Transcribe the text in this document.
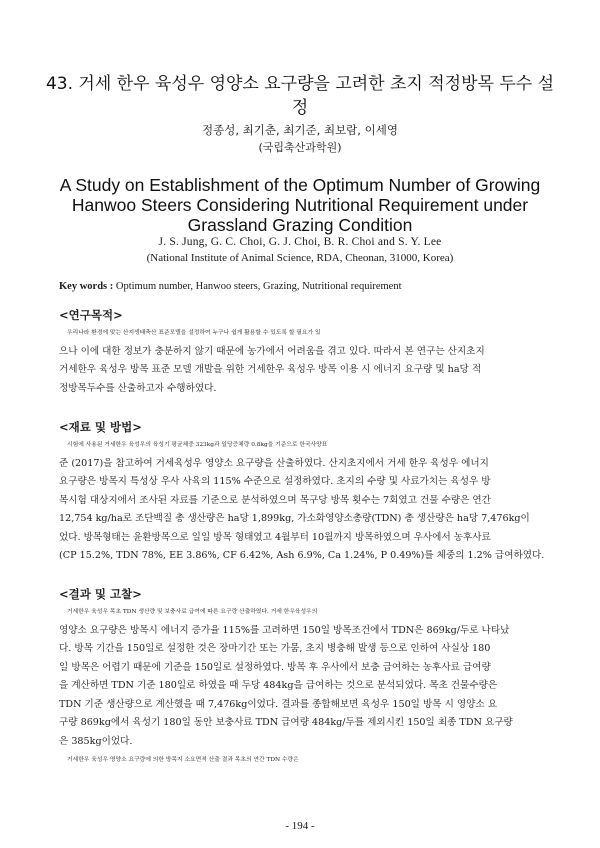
43. 거세 한우 육성우 영양소 요구량을 고려한 초지 적정방목 두수 설정
정종성, 최기춘, 최기준, 최보람, 이세영
(국립축산과학원)
A Study on Establishment of the Optimum Number of Growing Hanwoo Steers Considering Nutritional Requirement under Grassland Grazing Condition
J. S. Jung, G. C. Choi, G. J. Choi, B. R. Choi and S. Y. Lee
(National Institute of Animal Science, RDA, Cheonan, 31000, Korea)
Key words : Optimum number, Hanwoo steers, Grazing, Nutritional requirement
<연구목적>
우리나라 환경에 맞는 산지생태축산 표준모델을 설정하여 누구나 쉽게 활용할 수 있도록 할 필요가 있
으나 이에 대한 정보가 충분하지 않기 때문에 농가에서 어려움을 겪고 있다. 따라서 본 연구는 산지초지
거세한우 육성우 방목 표준 모델 개발을 위한 거세한우 육성우 방목 이용 시 에너지 요구량 및 ha당 적
정방목두수를 산출하고자 수행하였다.
<재료 및 방법>
시험에 사용된 거세한우 육성우의 육성기 평균체중 323kg과 일당증체량 0.8kg을 기준으로 한국사양표
준 (2017)을 참고하여 거세육성우 영양소 요구량을 산출하였다. 산지초지에서 거세 한우 육성우 에너지
요구량은 방목지 특성상 우사 사육의 115% 수준으로 설정하였다. 초지의 수량 및 사료가치는 육성우 방
목시험 대상지에서 조사된 자료를 기준으로 분석하였으며 목구당 방목 횟수는 7회였고 건물 수량은 연간
12,754 kg/ha로 조단백질 총 생산량은 ha당 1,899kg, 가소화영양소총량(TDN) 총 생산량은 ha당 7,476kg이
었다. 방목형태는 윤환방목으로 일일 방목 형태였고 4월부터 10월까지 방목하였으며 우사에서 농후사료
(CP 15.2%, TDN 78%, EE 3.86%, CF 6.42%, Ash 6.9%, Ca 1.24%, P 0.49%)를 체중의 1.2% 급여하였다.
<결과 및 고찰>
거세한우 육성우 목초 TDN 생산량 및 보충사료 급여에 따른 요구량 산출하였다. 거세 한우육성우의
영양소 요구량은 방목시 에너지 증가율 115%를 고려하면 150일 방목조건에서 TDN은 869kg/두로 나타났
다. 방목 기간을 150일로 설정한 것은 장마기간 또는 가뭄, 초지 병충해 발생 등으로 인하여 사실상 180
일 방목은 어렵기 때문에 기준을 150일로 설정하였다. 방목 후 우사에서 보충 급여하는 농후사료 급여량
을 계산하면 TDN 기준 180일로 하였을 때 두당 484kg을 급여하는 것으로 분석되었다. 목초 건물수량은
TDN 기준 생산량으로 계산했을 때 7,476kg이었다. 결과를 종합해보면 육성우 150일 방목 시 영양소 요
구량 869kg에서 육성기 180일 동안 보충사료 TDN 급여량 484kg/두를 제외시킨 150일 최종 TDN 요구량
은 385kg이었다.
거세한우 육성우 영양소 요구량에 의한 방목지 소요면적 산출 결과 목초의 연간 TDN 수량은
- 194 -
